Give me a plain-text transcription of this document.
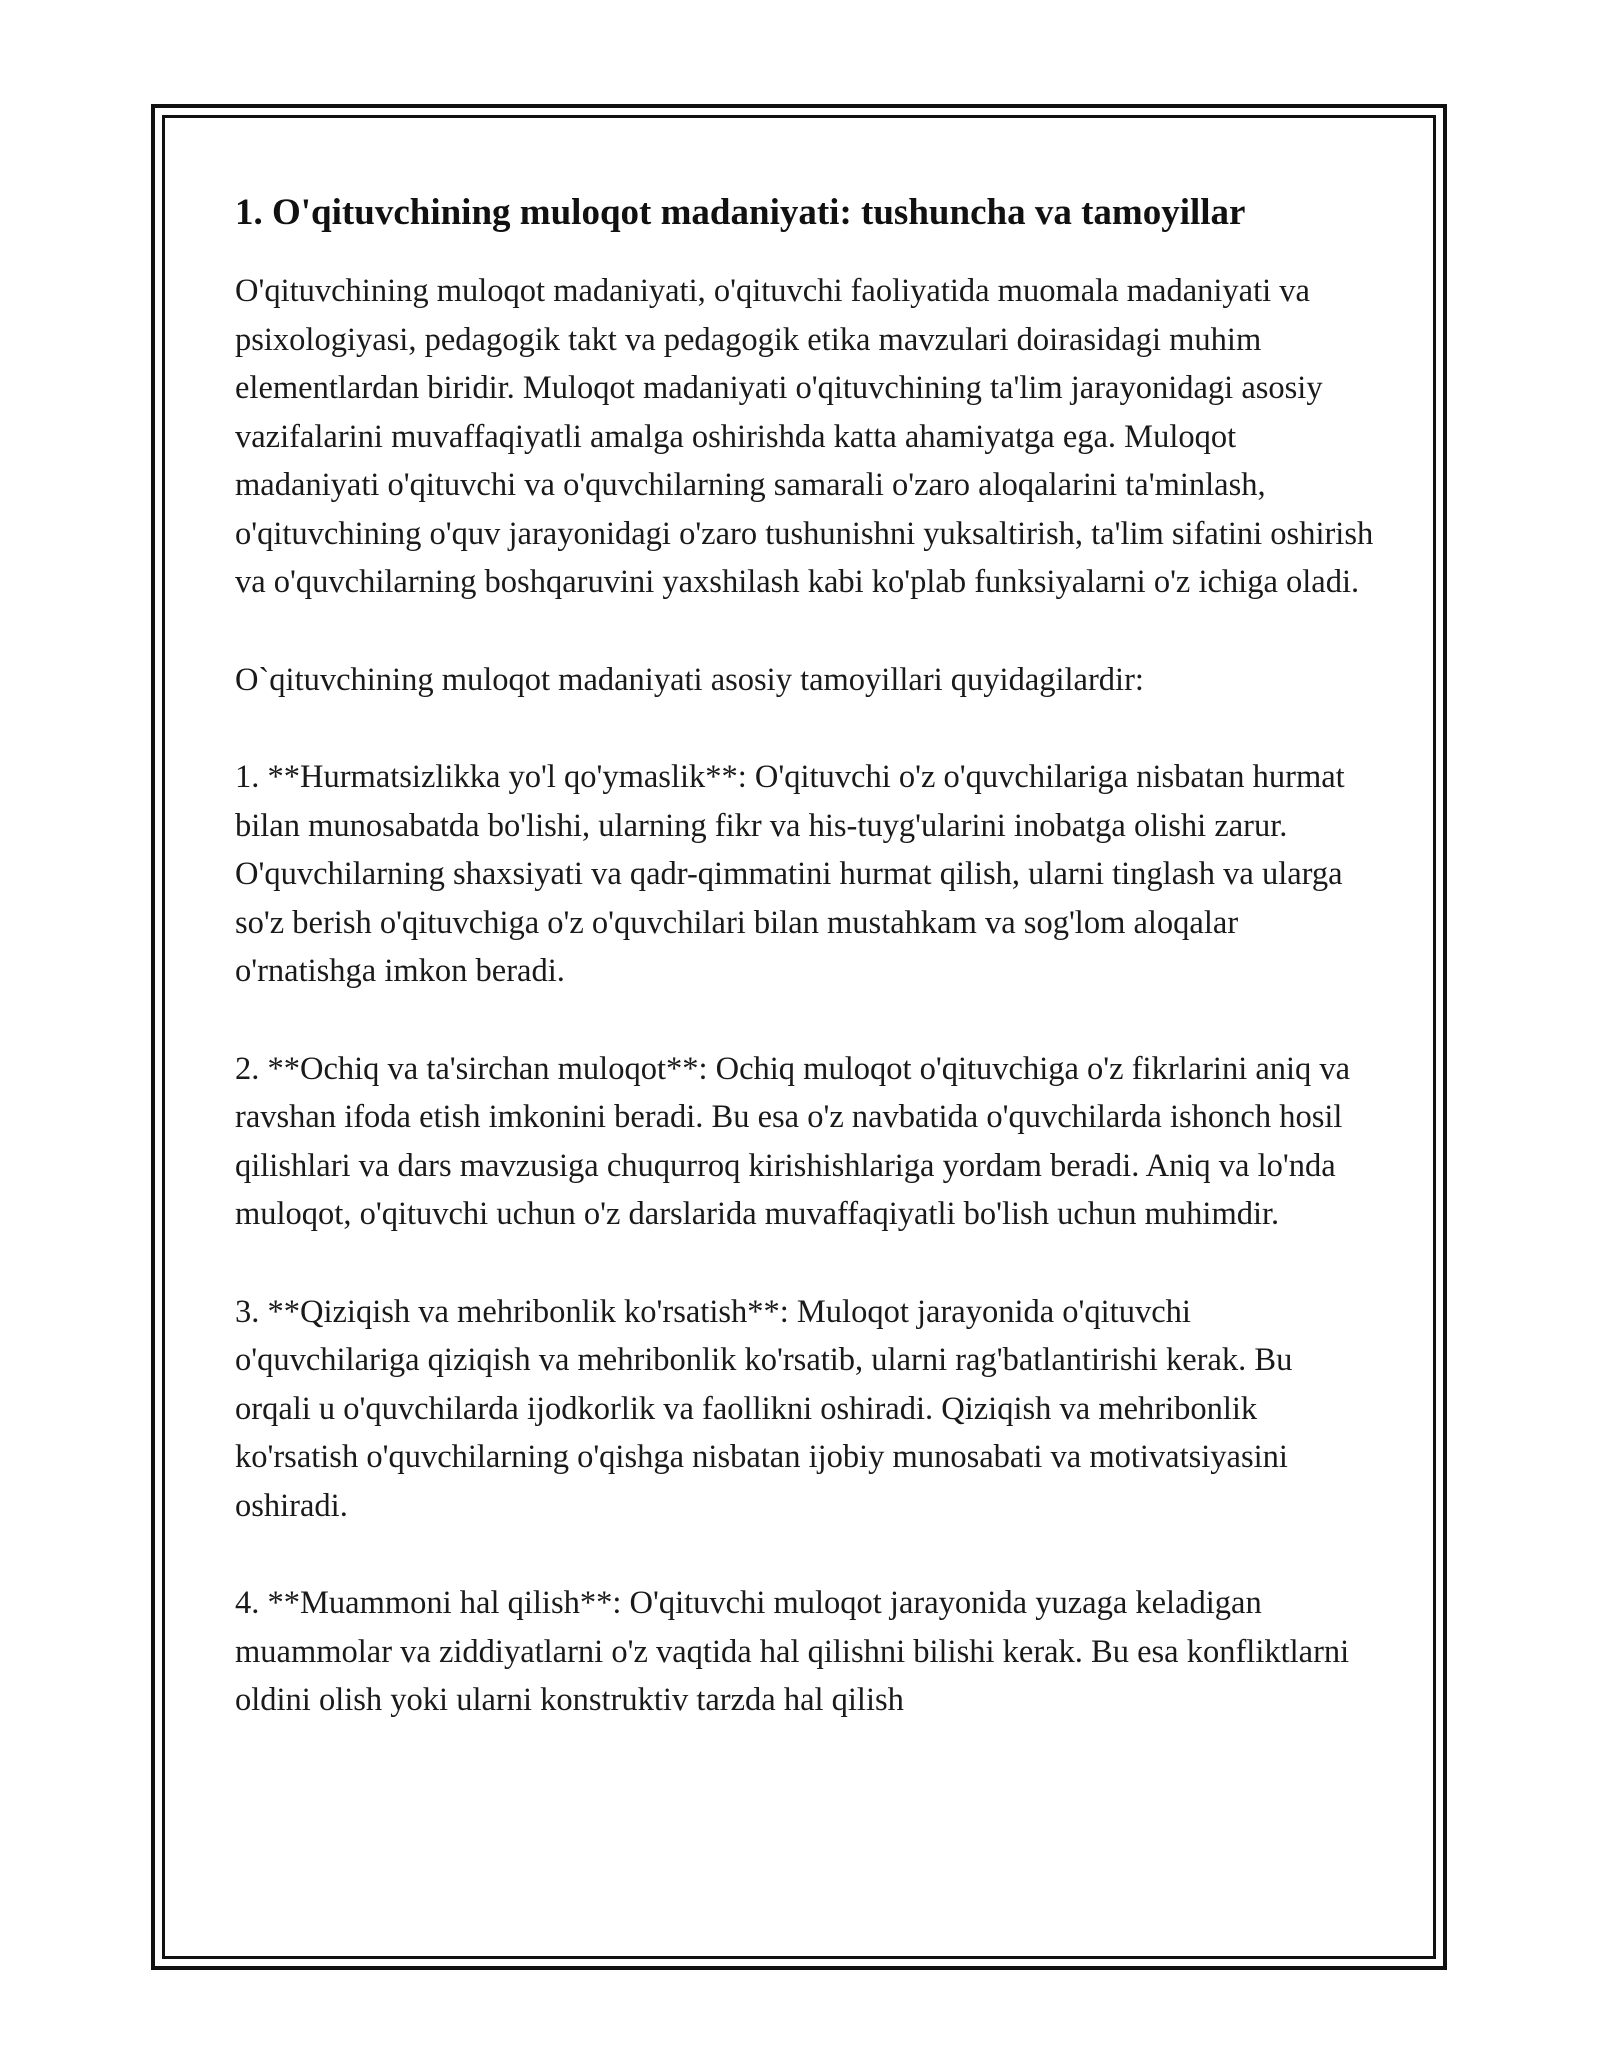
1. O'qituvchining muloqot madaniyati: tushuncha va tamoyillar

O'qituvchining muloqot madaniyati, o'qituvchi faoliyatida muomala madaniyati va psixologiyasi, pedagogik takt va pedagogik etika mavzulari doirasidagi muhim elementlardan biridir. Muloqot madaniyati o'qituvchining ta'lim jarayonidagi asosiy vazifalarini muvaffaqiyatli amalga oshirishda katta ahamiyatga ega. Muloqot madaniyati o'qituvchi va o'quvchilarning samarali o'zaro aloqalarini ta'minlash, o'qituvchining o'quv jarayonidagi o'zaro tushunishni yuksaltirish, ta'lim sifatini oshirish va o'quvchilarning boshqaruvini yaxshilash kabi ko'plab funksiyalarni o'z ichiga oladi.

O`qituvchining muloqot madaniyati asosiy tamoyillari quyidagilardir:

1. **Hurmatsizlikka yo'l qo'ymaslik**: O'qituvchi o'z o'quvchilariga nisbatan hurmat bilan munosabatda bo'lishi, ularning fikr va his-tuyg'ularini inobatga olishi zarur. O'quvchilarning shaxsiyati va qadr-qimmatini hurmat qilish, ularni tinglash va ularga so'z berish o'qituvchiga o'z o'quvchilari bilan mustahkam va sog'lom aloqalar o'rnatishga imkon beradi.

2. **Ochiq va ta'sirchan muloqot**: Ochiq muloqot o'qituvchiga o'z fikrlarini aniq va ravshan ifoda etish imkonini beradi. Bu esa o'z navbatida o'quvchilarda ishonch hosil qilishlari va dars mavzusiga chuqurroq kirishishlariga yordam beradi. Aniq va lo'nda muloqot, o'qituvchi uchun o'z darslarida muvaffaqiyatli bo'lish uchun muhimdir.

3. **Qiziqish va mehribonlik ko'rsatish**: Muloqot jarayonida o'qituvchi o'quvchilariga qiziqish va mehribonlik ko'rsatib, ularni rag'batlantirishi kerak. Bu orqali u o'quvchilarda ijodkorlik va faollikni oshiradi. Qiziqish va mehribonlik ko'rsatish o'quvchilarning o'qishga nisbatan ijobiy munosabati va motivatsiyasini oshiradi.

4. **Muammoni hal qilish**: O'qituvchi muloqot jarayonida yuzaga keladigan muammolar va ziddiyatlarni o'z vaqtida hal qilishni bilishi kerak. Bu esa konfliktlarni oldini olish yoki ularni konstruktiv tarzda hal qilish
